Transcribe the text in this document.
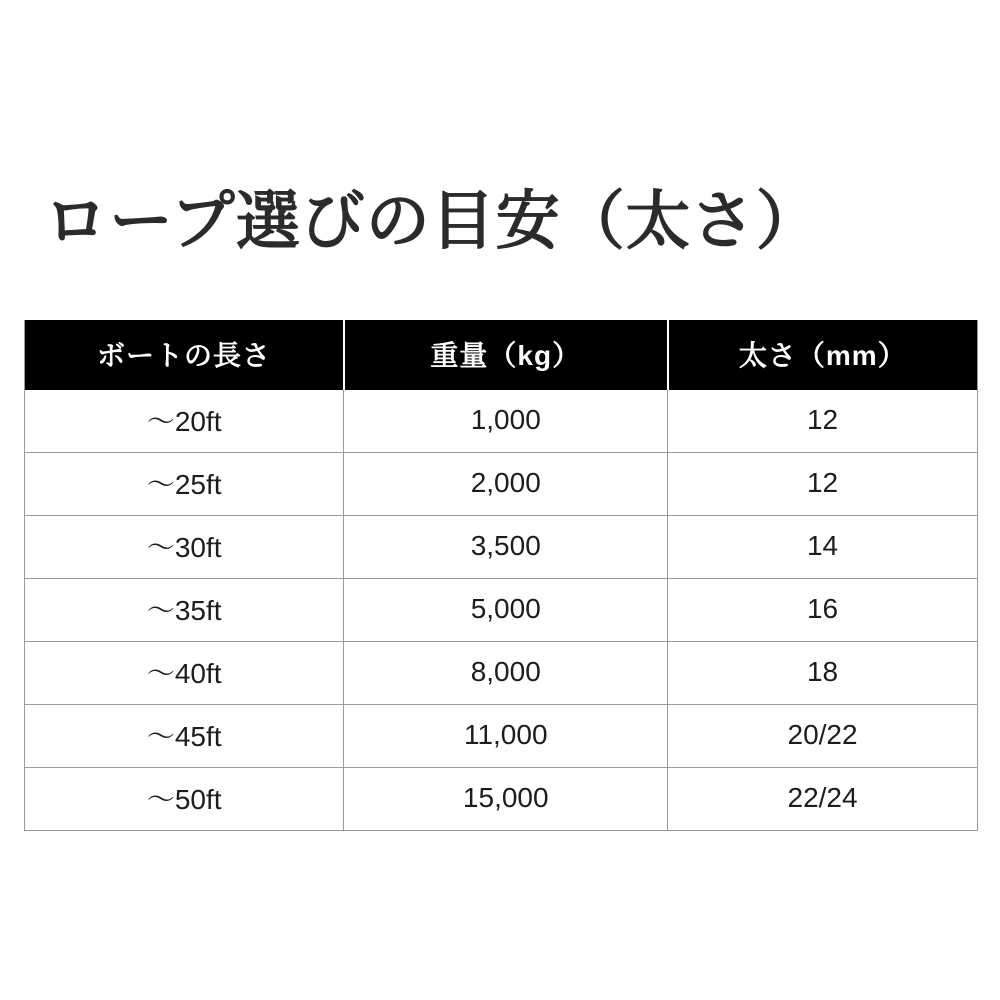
ロープ選びの目安（太さ）
ボートの長さ	重量（kg）	太さ（mm）
〜20ft	1,000	12
〜25ft	2,000	12
〜30ft	3,500	14
〜35ft	5,000	16
〜40ft	8,000	18
〜45ft	11,000	20/22
〜50ft	15,000	22/24
